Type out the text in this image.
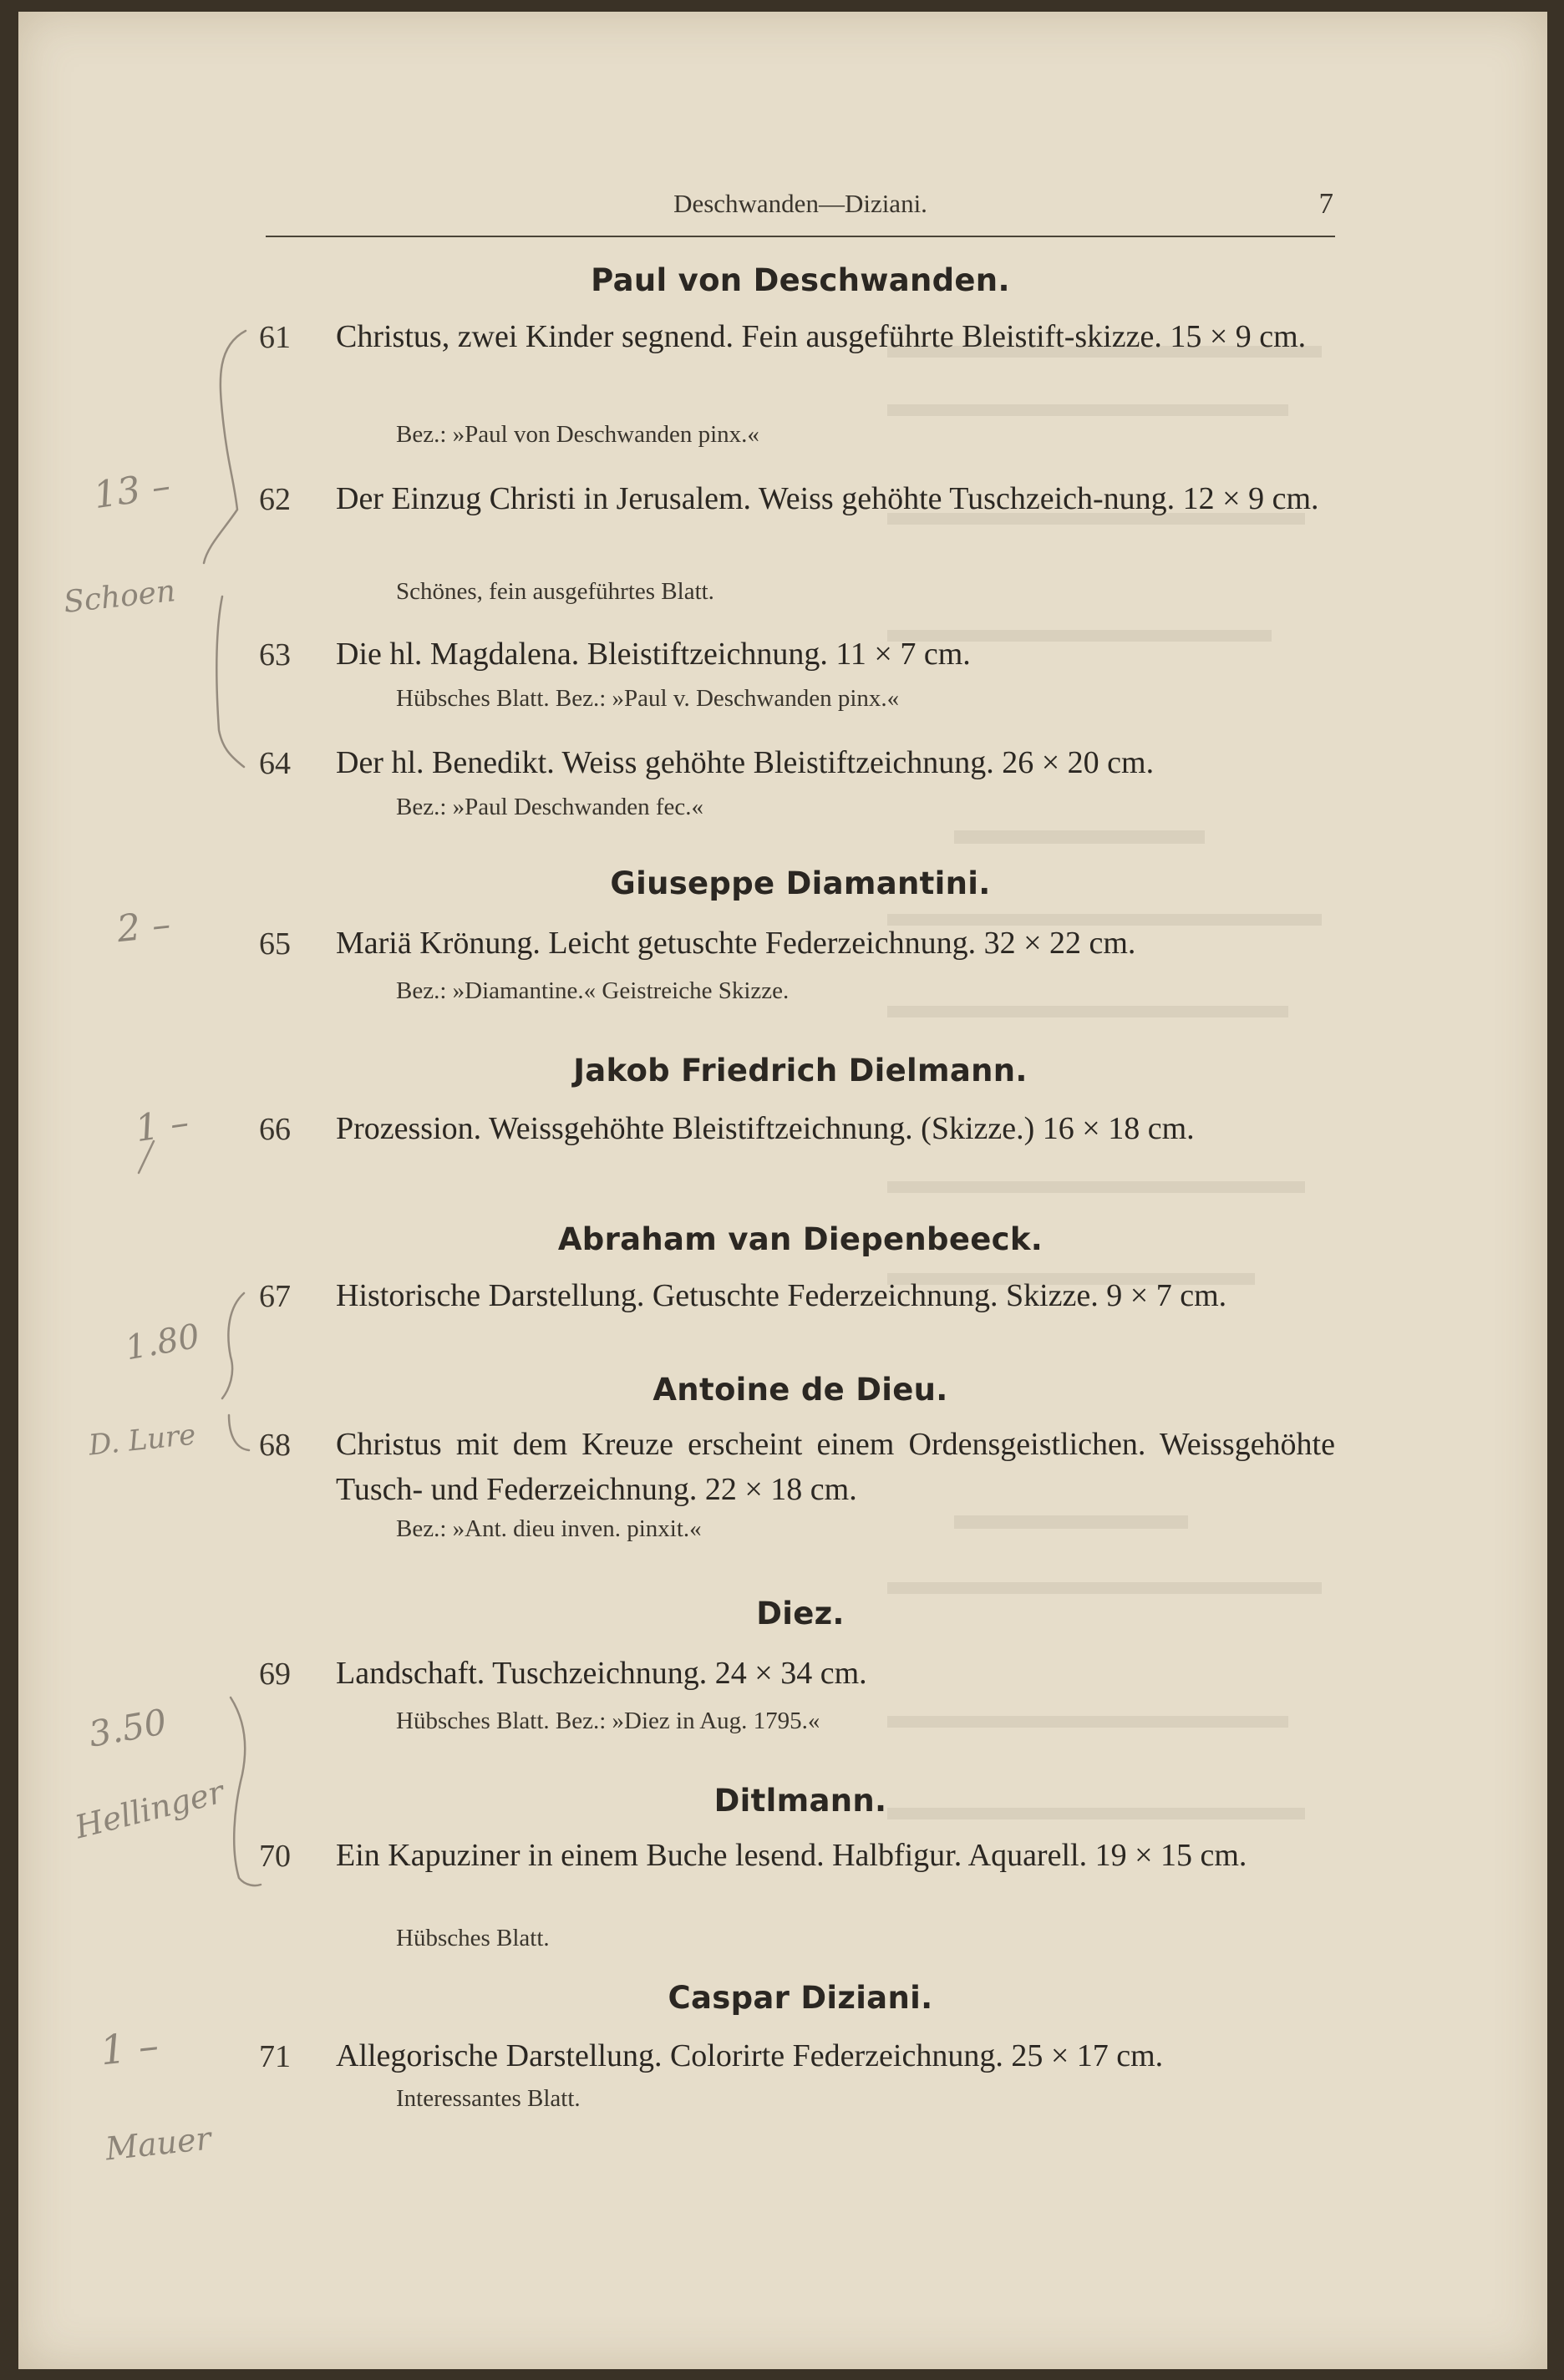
Deschwanden—Diziani.	7
Paul von Deschwanden.
61 Christus, zwei Kinder segnend. Fein ausgeführte Bleistift-skizze. 15 × 9 cm.
Bez.: »Paul von Deschwanden pinx.«
62 Der Einzug Christi in Jerusalem. Weiss gehöhte Tuschzeich-nung. 12 × 9 cm.
Schönes, fein ausgeführtes Blatt.
63 Die hl. Magdalena. Bleistiftzeichnung. 11 × 7 cm.
Hübsches Blatt. Bez.: »Paul v. Deschwanden pinx.«
64 Der hl. Benedikt. Weiss gehöhte Bleistiftzeichnung. 26 × 20 cm.
Bez.: »Paul Deschwanden fec.«
Giuseppe Diamantini.
65 Mariä Krönung. Leicht getuschte Federzeichnung. 32 × 22 cm.
Bez.: »Diamantine.« Geistreiche Skizze.
Jakob Friedrich Dielmann.
66 Prozession. Weissgehöhte Bleistiftzeichnung. (Skizze.) 16 × 18 cm.
Abraham van Diepenbeeck.
67 Historische Darstellung. Getuschte Federzeichnung. Skizze. 9 × 7 cm.
Antoine de Dieu.
68 Christus mit dem Kreuze erscheint einem Ordensgeistlichen. Weissgehöhte Tusch- und Federzeichnung. 22 × 18 cm.
Bez.: »Ant. dieu inven. pinxit.«
Diez.
69 Landschaft. Tuschzeichnung. 24 × 34 cm.
Hübsches Blatt. Bez.: »Diez in Aug. 1795.«
Ditlmann.
70 Ein Kapuziner in einem Buche lesend. Halbfigur. Aquarell. 19 × 15 cm.
Hübsches Blatt.
Caspar Diziani.
71 Allegorische Darstellung. Colorirte Federzeichnung. 25 × 17 cm.
Interessantes Blatt.
13 –
Schoen
2 –
1 –
1.80
D. Lure
3.50
Hellinger
1 –
Mauer
